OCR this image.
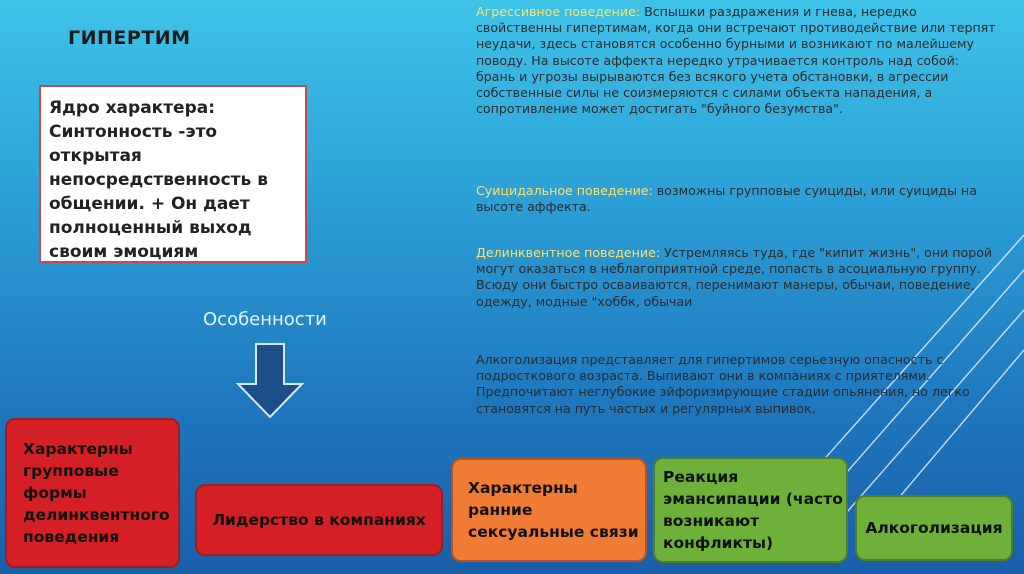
ГИПЕРТИМ
Ядро характера: Синтонность -это открытая непосредственность в общении. + Он дает полноценный выход своим эмоциям
Особенности
Агрессивное поведение: Вспышки раздражения и гнева, нередко свойственны гипертимам, когда они встречают противодействие или терпят неудачи, здесь становятся особенно бурными и возникают по малейшему поводу. На высоте аффекта нередко утрачивается контроль над собой: брань и угрозы вырываются без всякого учета обстановки, в агрессии собственные силы не соизмеряются с силами объекта нападения, а сопротивление может достигать "буйного безумства".
Суицидальное поведение: возможны групповые суициды, или суициды на высоте аффекта.
Делинквентное поведение: Устремляясь туда, где "кипит жизнь", они порой могут оказаться в неблагоприятной среде, попасть в асоциальную группу. Всюду они быстро осваиваются, перенимают манеры, обычаи, поведение, одежду, модные "хоббк, обычаи
Алкоголизация представляет для гипертимов серьезную опасность с подросткового возраста. Выпивают они в компаниях с приятелями. Предпочитают неглубокие эйфоризирующие стадии опьянения, но легко становятся на путь частых и регулярных выпивок.
Характерны групповые формы делинквентного поведения
Лидерство в компаниях
Характерны ранние сексуальные связи
Реакция эмансипации (часто возникают конфликты)
Алкоголизация
